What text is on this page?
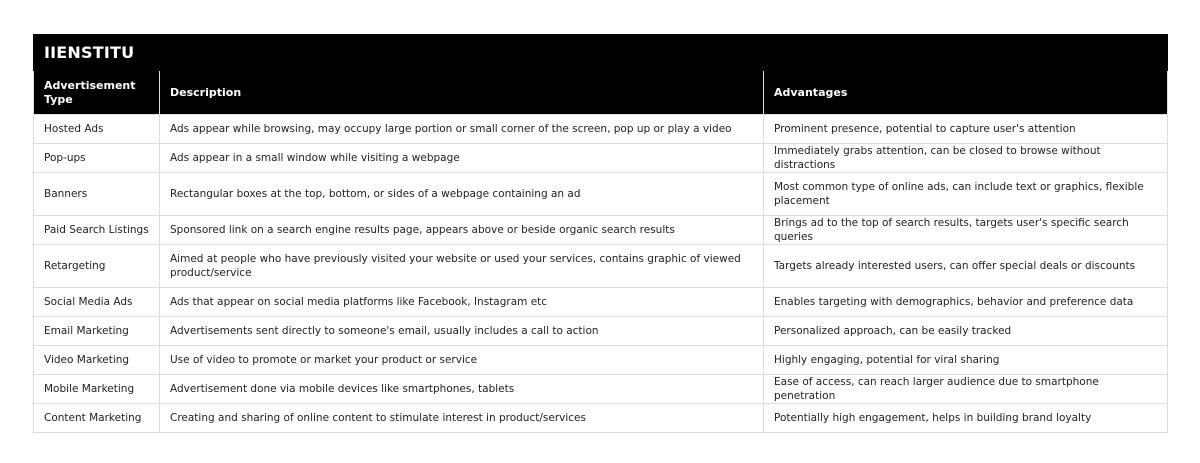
IIENSTITU		
Advertisement Type	Description	Advantages
Hosted Ads	Ads appear while browsing, may occupy large portion or small corner of the screen, pop up or play a video	Prominent presence, potential to capture user's attention
Pop-ups	Ads appear in a small window while visiting a webpage	Immediately grabs attention, can be closed to browse without distractions
Banners	Rectangular boxes at the top, bottom, or sides of a webpage containing an ad	Most common type of online ads, can include text or graphics, flexible placement
Paid Search Listings	Sponsored link on a search engine results page, appears above or beside organic search results	Brings ad to the top of search results, targets user's specific search queries
Retargeting	Aimed at people who have previously visited your website or used your services, contains graphic of viewed product/service	Targets already interested users, can offer special deals or discounts
Social Media Ads	Ads that appear on social media platforms like Facebook, Instagram etc	Enables targeting with demographics, behavior and preference data
Email Marketing	Advertisements sent directly to someone's email, usually includes a call to action	Personalized approach, can be easily tracked
Video Marketing	Use of video to promote or market your product or service	Highly engaging, potential for viral sharing
Mobile Marketing	Advertisement done via mobile devices like smartphones, tablets	Ease of access, can reach larger audience due to smartphone penetration
Content Marketing	Creating and sharing of online content to stimulate interest in product/services	Potentially high engagement, helps in building brand loyalty
